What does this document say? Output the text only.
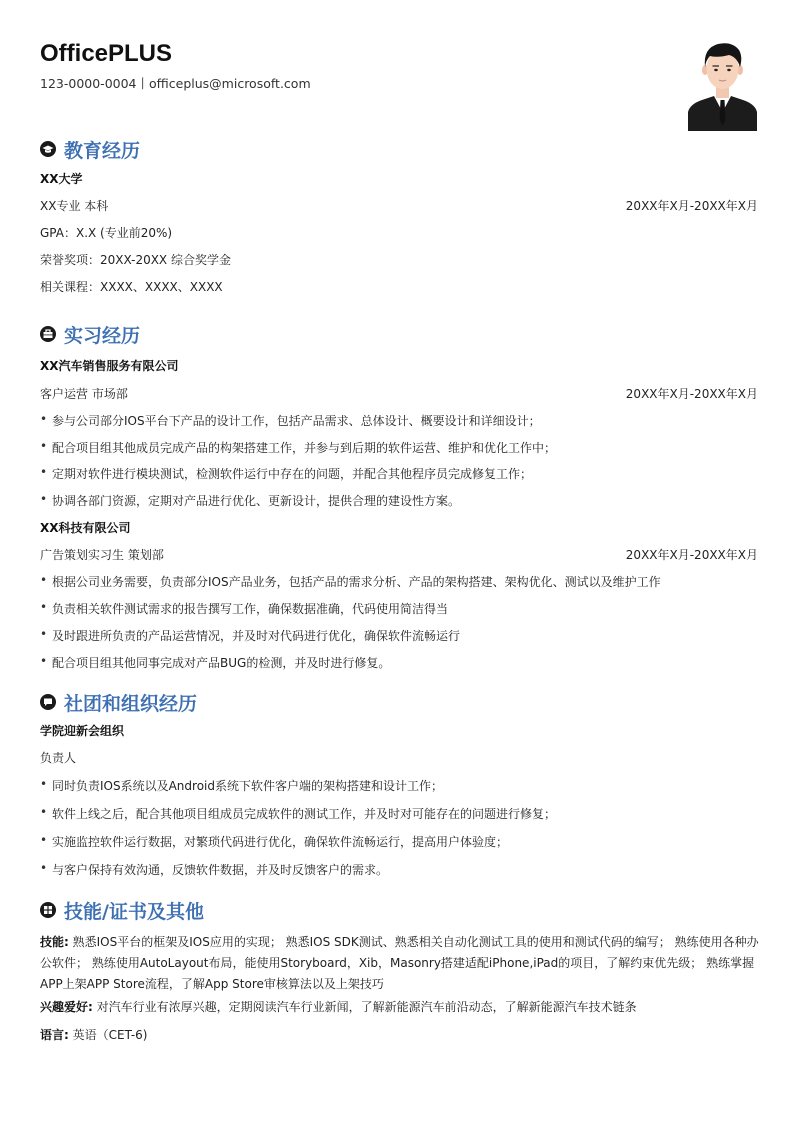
OfficePLUS
123-0000-0004丨officeplus@microsoft.com
教育经历
XX大学
XX专业 本科	20XX年X月-20XX年X月
GPA：X.X (专业前20%)
荣誉奖项：20XX-20XX 综合奖学金
相关课程：XXXX、XXXX、XXXX
实习经历
XX汽车销售服务有限公司
客户运营 市场部	20XX年X月-20XX年X月
• 参与公司部分IOS平台下产品的设计工作，包括产品需求、总体设计、概要设计和详细设计；
• 配合项目组其他成员完成产品的构架搭建工作，并参与到后期的软件运营、维护和优化工作中；
• 定期对软件进行模块测试，检测软件运行中存在的问题，并配合其他程序员完成修复工作；
• 协调各部门资源，定期对产品进行优化、更新设计，提供合理的建设性方案。
XX科技有限公司
广告策划实习生 策划部	20XX年X月-20XX年X月
• 根据公司业务需要，负责部分IOS产品业务，包括产品的需求分析、产品的架构搭建、架构优化、测试以及维护工作
• 负责相关软件测试需求的报告撰写工作，确保数据准确，代码使用简洁得当
• 及时跟进所负责的产品运营情况，并及时对代码进行优化，确保软件流畅运行
• 配合项目组其他同事完成对产品BUG的检测，并及时进行修复。
社团和组织经历
学院迎新会组织
负责人
• 同时负责IOS系统以及Android系统下软件客户端的架构搭建和设计工作；
• 软件上线之后，配合其他项目组成员完成软件的测试工作，并及时对可能存在的问题进行修复；
• 实施监控软件运行数据，对繁琐代码进行优化，确保软件流畅运行，提高用户体验度；
• 与客户保持有效沟通，反馈软件数据，并及时反馈客户的需求。
技能/证书及其他

技能: 熟悉IOS平台的框架及IOS应用的实现； 熟悉IOS SDK测试、熟悉相关自动化测试工具的使用和测试代码的编写； 熟练使用各种办公软件； 熟练使用AutoLayout布局，能使用Storyboard，Xib，Masonry搭建适配iPhone,iPad的项目，了解约束优先级； 熟练掌握APP上架APP Store流程，了解App Store审核算法以及上架技巧

兴趣爱好: 对汽车行业有浓厚兴趣，定期阅读汽车行业新闻，了解新能源汽车前沿动态，了解新能源汽车技术链条

语言: 英语（CET-6)
